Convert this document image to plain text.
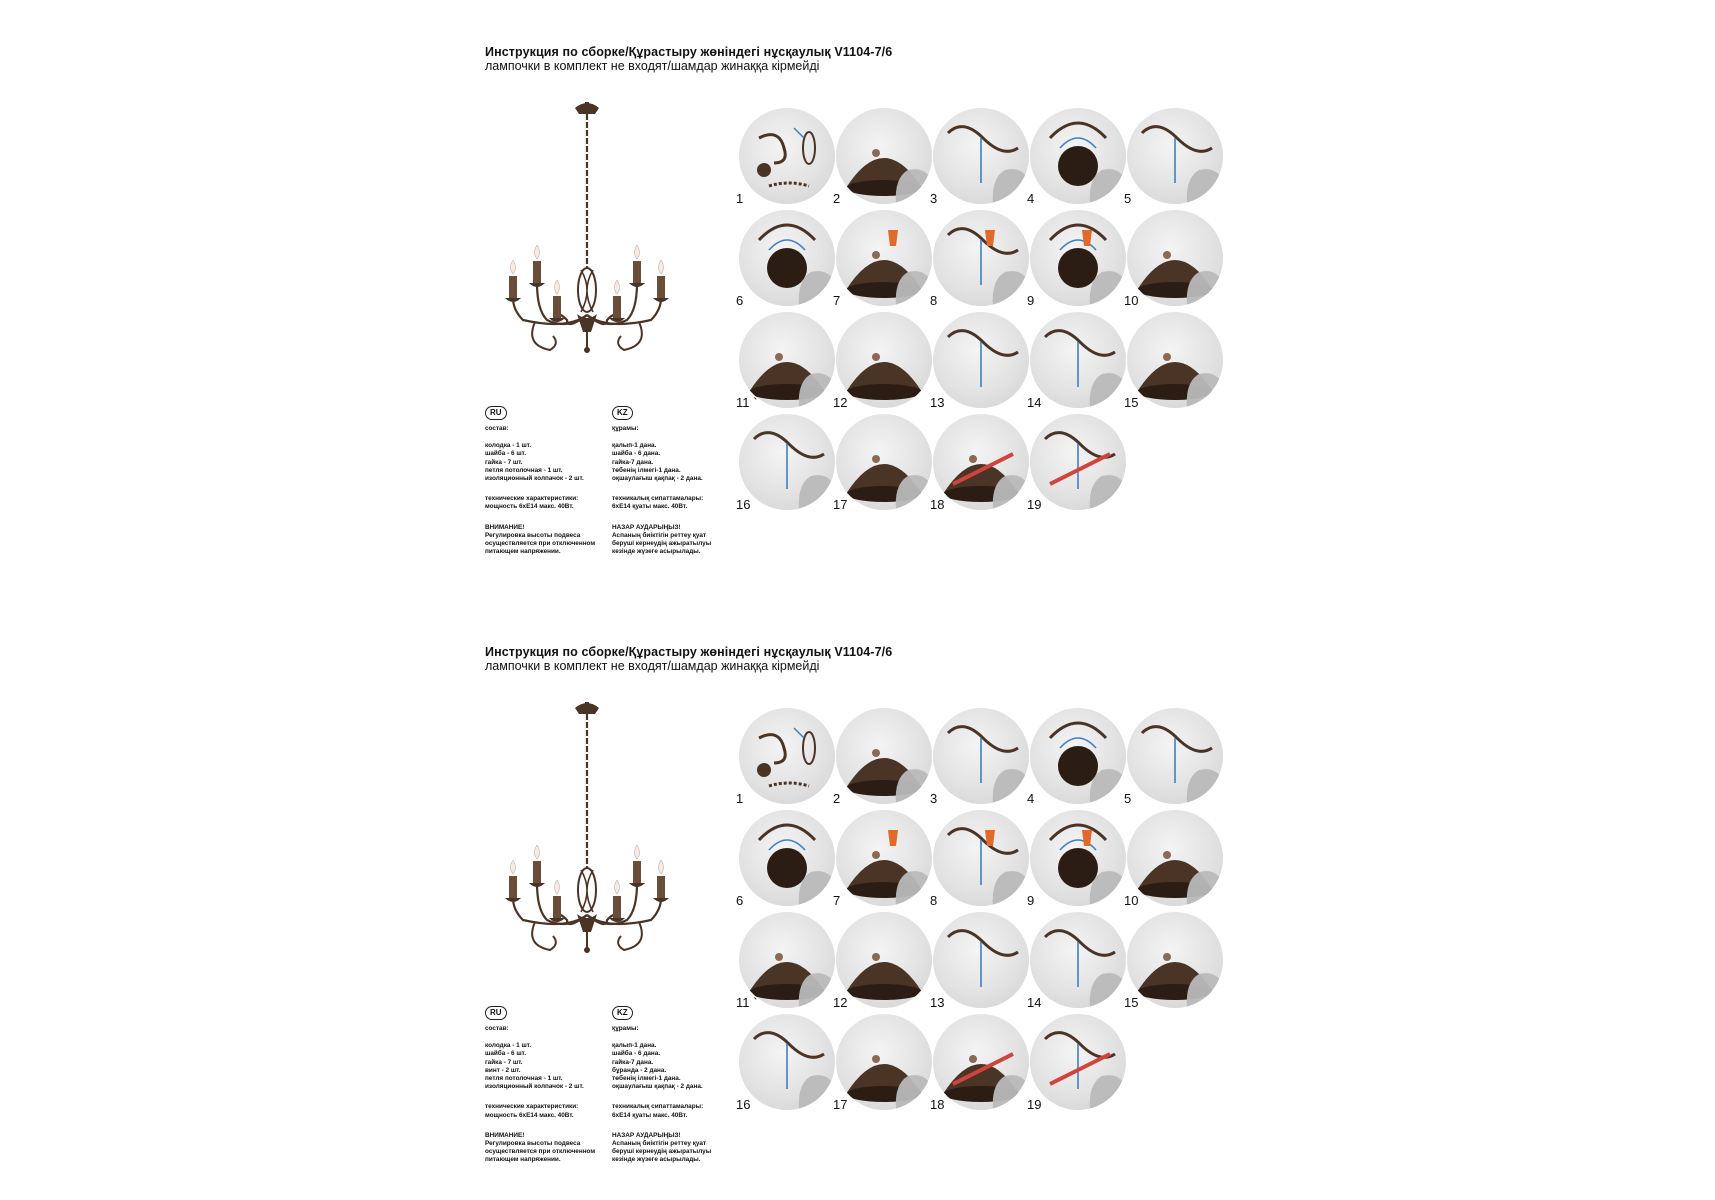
Инструкция по сборке/Құрастыру жөніндегі нұсқаулық V1104-7/6
лампочки в комплект не входят/шамдар жинаққа кірмейді
RU

состав:

колодка - 1 шт.

шайба - 6 шт.

гайка - 7 шт.

петля потолочная - 1 шт.

изоляционный колпачок - 2 шт.

технические характеристики:

мощность 6хЕ14 макс. 40Вт.

ВНИМАНИЕ!

Регулировка высоты подвеса

осуществляется при отключенном

питающем напряжении.

KZ

құрамы:

қалып-1 дана.

шайба - 6 дана.

гайка-7 дана.

төбенің ілмегі-1 дана.

оқшаулағыш қақпақ - 2 дана.

техникалық сипаттамалары:

6хЕ14 қуаты макс. 40Вт.

НАЗАР АУДАРЫҢЫЗ!

Аспаның биіктігін реттеу қуат

беруші кернеудің ажыратылуы

кезінде жүзеге асырылады.

1	2	3	4	5
6	7	8	9	10
11 `	12	13	14	15
16	17	18	19
Инструкция по сборке/Құрастыру жөніндегі нұсқаулық V1104-7/6
лампочки в комплект не входят/шамдар жинаққа кірмейді
RU

состав:

колодка - 1 шт.

шайба - 6 шт.

гайка - 7 шт.

винт - 2 шт.

петля потолочная - 1 шт.

изоляционный колпачок - 2 шт.

технические характеристики:

мощность 6хЕ14 макс. 40Вт.

ВНИМАНИЕ!

Регулировка высоты подвеса

осуществляется при отключенном

питающем напряжении.

KZ

құрамы:

қалып-1 дана.

шайба - 6 дана.

гайка-7 дана.

бұранда - 2 дана.

төбенің ілмегі-1 дана.

оқшаулағыш қақпақ - 2 дана.

техникалық сипаттамалары:

6хЕ14 қуаты макс. 40Вт.

НАЗАР АУДАРЫҢЫЗ!

Аспаның биіктігін реттеу қуат

беруші кернеудің ажыратылуы

кезінде жүзеге асырылады.

1	2	3	4	5
6	7	8	9	10
11 `	12	13	14	15
16	17	18	19
